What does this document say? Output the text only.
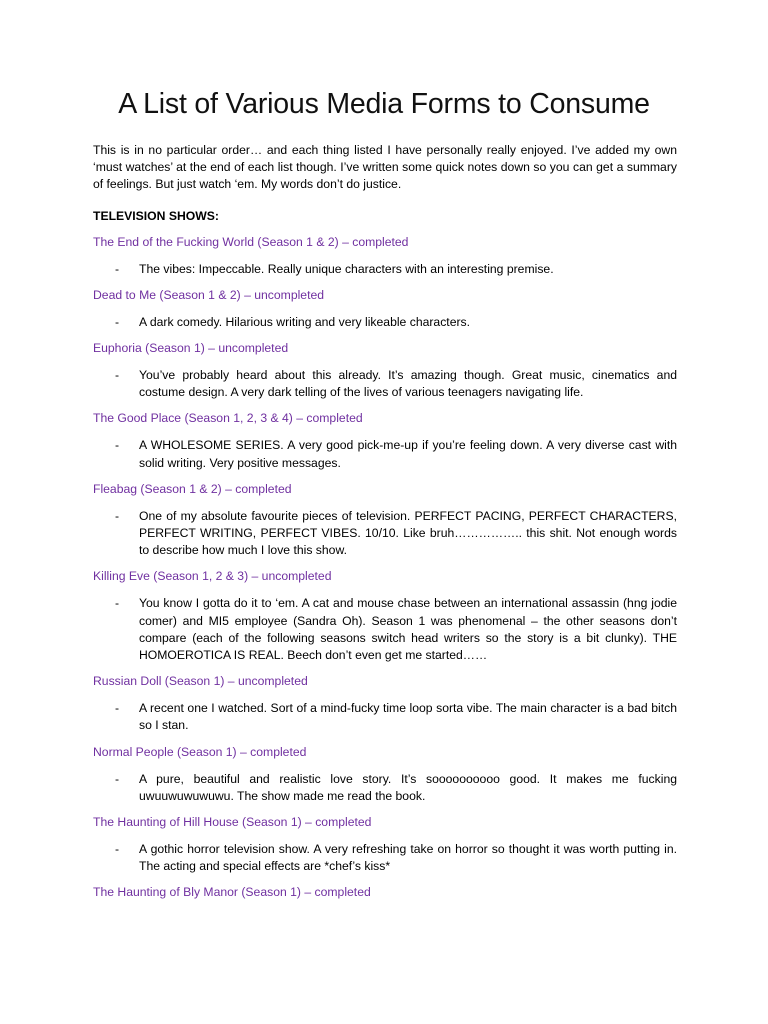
A List of Various Media Forms to Consume

This is in no particular order… and each thing listed I have personally really enjoyed. I’ve added my own ‘must watches’ at the end of each list though. I’ve written some quick notes down so you can get a summary of feelings. But just watch ‘em. My words don’t do justice.

TELEVISION SHOWS:
The End of the Fucking World (Season 1 & 2) – completed
- The vibes: Impeccable. Really unique characters with an interesting premise.
Dead to Me (Season 1 & 2) – uncompleted
- A dark comedy. Hilarious writing and very likeable characters.
Euphoria (Season 1) – uncompleted
- You’ve probably heard about this already. It’s amazing though. Great music, cinematics and costume design. A very dark telling of the lives of various teenagers navigating life.
The Good Place (Season 1, 2, 3 & 4) – completed
- A WHOLESOME SERIES. A very good pick-me-up if you’re feeling down. A very diverse cast with solid writing. Very positive messages.
Fleabag (Season 1 & 2) – completed
- One of my absolute favourite pieces of television. PERFECT PACING, PERFECT CHARACTERS, PERFECT WRITING, PERFECT VIBES. 10/10. Like bruh…………….. this shit. Not enough words to describe how much I love this show.
Killing Eve (Season 1, 2 & 3) – uncompleted
- You know I gotta do it to ‘em. A cat and mouse chase between an international assassin (hng jodie comer) and MI5 employee (Sandra Oh). Season 1 was phenomenal – the other seasons don’t compare (each of the following seasons switch head writers so the story is a bit clunky). THE HOMOEROTICA IS REAL. Beech don’t even get me started……
Russian Doll (Season 1) – uncompleted
- A recent one I watched. Sort of a mind-fucky time loop sorta vibe. The main character is a bad bitch so I stan.
Normal People (Season 1) – completed
- A pure, beautiful and realistic love story. It’s soooooooooo good. It makes me fucking uwuuwuwuwuwu. The show made me read the book.
The Haunting of Hill House (Season 1) – completed
- A gothic horror television show. A very refreshing take on horror so thought it was worth putting in. The acting and special effects are *chef’s kiss*
The Haunting of Bly Manor (Season 1) – completed
